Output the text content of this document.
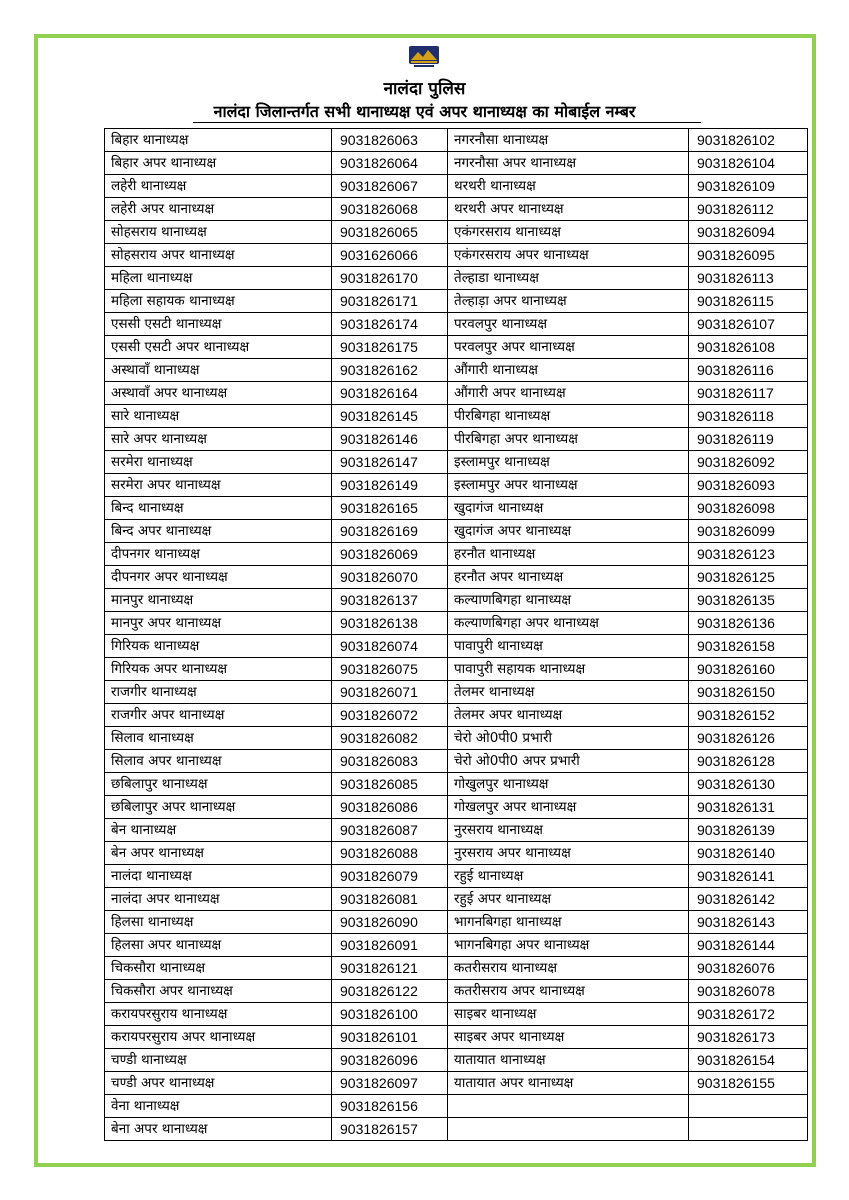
नालंदा पुलिस
नालंदा जिलान्तर्गत सभी थानाध्यक्ष एवं अपर थानाध्यक्ष का मोबाईल नम्बर
बिहार थानाध्यक्ष	9031826063	नगरनौसा थानाध्यक्ष	9031826102
बिहार अपर थानाध्यक्ष	9031826064	नगरनौसा अपर थानाध्यक्ष	9031826104
लहेरी थानाध्यक्ष	9031826067	थरथरी थानाध्यक्ष	9031826109
लहेरी अपर थानाध्यक्ष	9031826068	थरथरी अपर थानाध्यक्ष	9031826112
सोहसराय थानाध्यक्ष	9031826065	एकंगरसराय थानाध्यक्ष	9031826094
सोहसराय अपर थानाध्यक्ष	9031626066	एकंगरसराय अपर थानाध्यक्ष	9031826095
महिला थानाध्यक्ष	9031826170	तेल्हाडा थानाध्यक्ष	9031826113
महिला सहायक थानाध्यक्ष	9031826171	तेल्हाड़ा अपर थानाध्यक्ष	9031826115
एससी एसटी थानाध्यक्ष	9031826174	परवलपुर थानाध्यक्ष	9031826107
एससी एसटी अपर थानाध्यक्ष	9031826175	परवलपुर अपर थानाध्यक्ष	9031826108
अस्थावॉं थानाध्यक्ष	9031826162	औंगारी थानाध्यक्ष	9031826116
अस्थावॉं अपर थानाध्यक्ष	9031826164	औंगारी अपर थानाध्यक्ष	9031826117
सारे थानाध्यक्ष	9031826145	पीरबिगहा थानाध्यक्ष	9031826118
सारे अपर थानाध्यक्ष	9031826146	पीरबिगहा अपर थानाध्यक्ष	9031826119
सरमेरा थानाध्यक्ष	9031826147	इस्लामपुर थानाध्यक्ष	9031826092
सरमेरा अपर थानाध्यक्ष	9031826149	इस्लामपुर अपर थानाध्यक्ष	9031826093
बिन्द थानाध्यक्ष	9031826165	खुदागंज थानाध्यक्ष	9031826098
बिन्द अपर थानाध्यक्ष	9031826169	खुदागंज अपर थानाध्यक्ष	9031826099
दीपनगर थानाध्यक्ष	9031826069	हरनौत थानाध्यक्ष	9031826123
दीपनगर अपर थानाध्यक्ष	9031826070	हरनौत अपर थानाध्यक्ष	9031826125
मानपुर थानाध्यक्ष	9031826137	कल्याणबिगहा थानाध्यक्ष	9031826135
मानपुर अपर थानाध्यक्ष	9031826138	कल्याणबिगहा अपर थानाध्यक्ष	9031826136
गिरियक थानाध्यक्ष	9031826074	पावापुरी थानाध्यक्ष	9031826158
गिरियक अपर थानाध्यक्ष	9031826075	पावापुरी सहायक थानाध्यक्ष	9031826160
राजगीर थानाध्यक्ष	9031826071	तेलमर थानाध्यक्ष	9031826150
राजगीर अपर थानाध्यक्ष	9031826072	तेलमर अपर थानाध्यक्ष	9031826152
सिलाव थानाध्यक्ष	9031826082	चेरो ओ0पी0 प्रभारी	9031826126
सिलाव अपर थानाध्यक्ष	9031826083	चेरो ओ0पी0 अपर प्रभारी	9031826128
छबिलापुर थानाध्यक्ष	9031826085	गोखुलपुर थानाध्यक्ष	9031826130
छबिलापुर अपर थानाध्यक्ष	9031826086	गोखलपुर अपर थानाध्यक्ष	9031826131
बेन थानाध्यक्ष	9031826087	नुरसराय थानाध्यक्ष	9031826139
बेन अपर थानाध्यक्ष	9031826088	नुरसराय अपर थानाध्यक्ष	9031826140
नालंदा थानाध्यक्ष	9031826079	रहुई थानाध्यक्ष	9031826141
नालंदा अपर थानाध्यक्ष	9031826081	रहुई अपर थानाध्यक्ष	9031826142
हिलसा थानाध्यक्ष	9031826090	भागनबिगहा थानाध्यक्ष	9031826143
हिलसा अपर थानाध्यक्ष	9031826091	भागनबिगहा अपर थानाध्यक्ष	9031826144
चिकसौरा थानाध्यक्ष	9031826121	कतरीसराय थानाध्यक्ष	9031826076
चिकसौरा अपर थानाध्यक्ष	9031826122	कतरीसराय अपर थानाध्यक्ष	9031826078
करायपरसुराय थानाध्यक्ष	9031826100	साइबर थानाध्यक्ष	9031826172
करायपरसुराय अपर थानाध्यक्ष	9031826101	साइबर अपर थानाध्यक्ष	9031826173
चण्डी थानाध्यक्ष	9031826096	यातायात थानाध्यक्ष	9031826154
चण्डी अपर थानाध्यक्ष	9031826097	यातायात अपर थानाध्यक्ष	9031826155
वेना थानाध्यक्ष	9031826156		
बेना अपर थानाध्यक्ष	9031826157		
